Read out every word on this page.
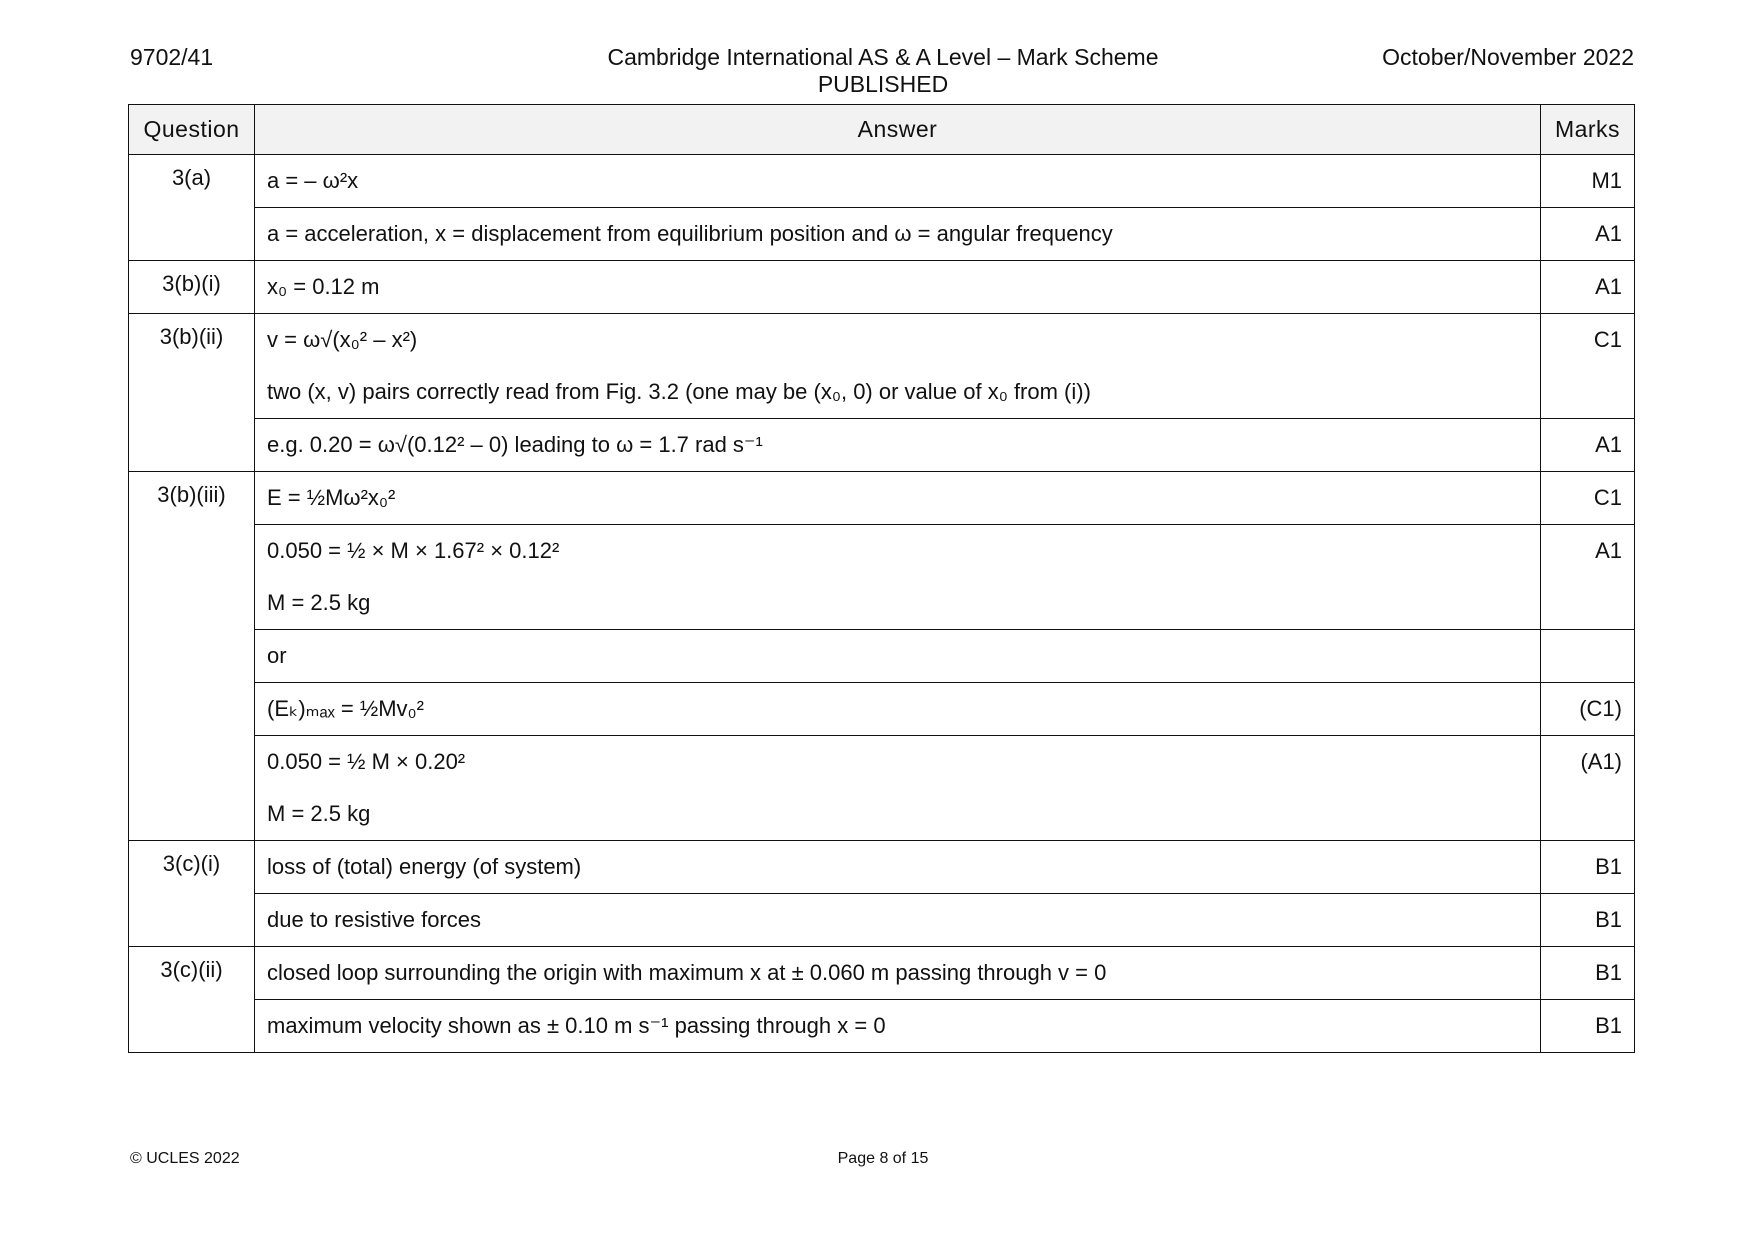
9702/41	Cambridge International AS & A Level – Mark Scheme
PUBLISHED
October/November 2022
Question	Answer	Marks
3(a)	a = – ω²x	M1

	a = acceleration, x = displacement from equilibrium position and ω = angular frequency	A1

3(b)(i)	x₀ = 0.12 m	A1

3(b)(ii)	v = ω√(x₀² – x²)
two (x, v) pairs correctly read from Fig. 3.2 (one may be (x₀, 0) or value of x₀ from (i))	C1

	e.g. 0.20 = ω√(0.12² – 0) leading to ω = 1.7 rad s⁻¹	A1

3(b)(iii)	E = ½Mω²x₀²	C1

	0.050 = ½ × M × 1.67² × 0.12²
M = 2.5 kg	A1

	or	

	(Eₖ)ₘₐₓ = ½Mv₀²	(C1)

	0.050 = ½ M × 0.20²
M = 2.5 kg	(A1)

3(c)(i)	loss of (total) energy (of system)	B1

	due to resistive forces	B1

3(c)(ii)	closed loop surrounding the origin with maximum x at ± 0.060 m passing through v = 0	B1

	maximum velocity shown as ± 0.10 m s⁻¹ passing through x = 0	B1
© UCLES 2022	Page 8 of 15
